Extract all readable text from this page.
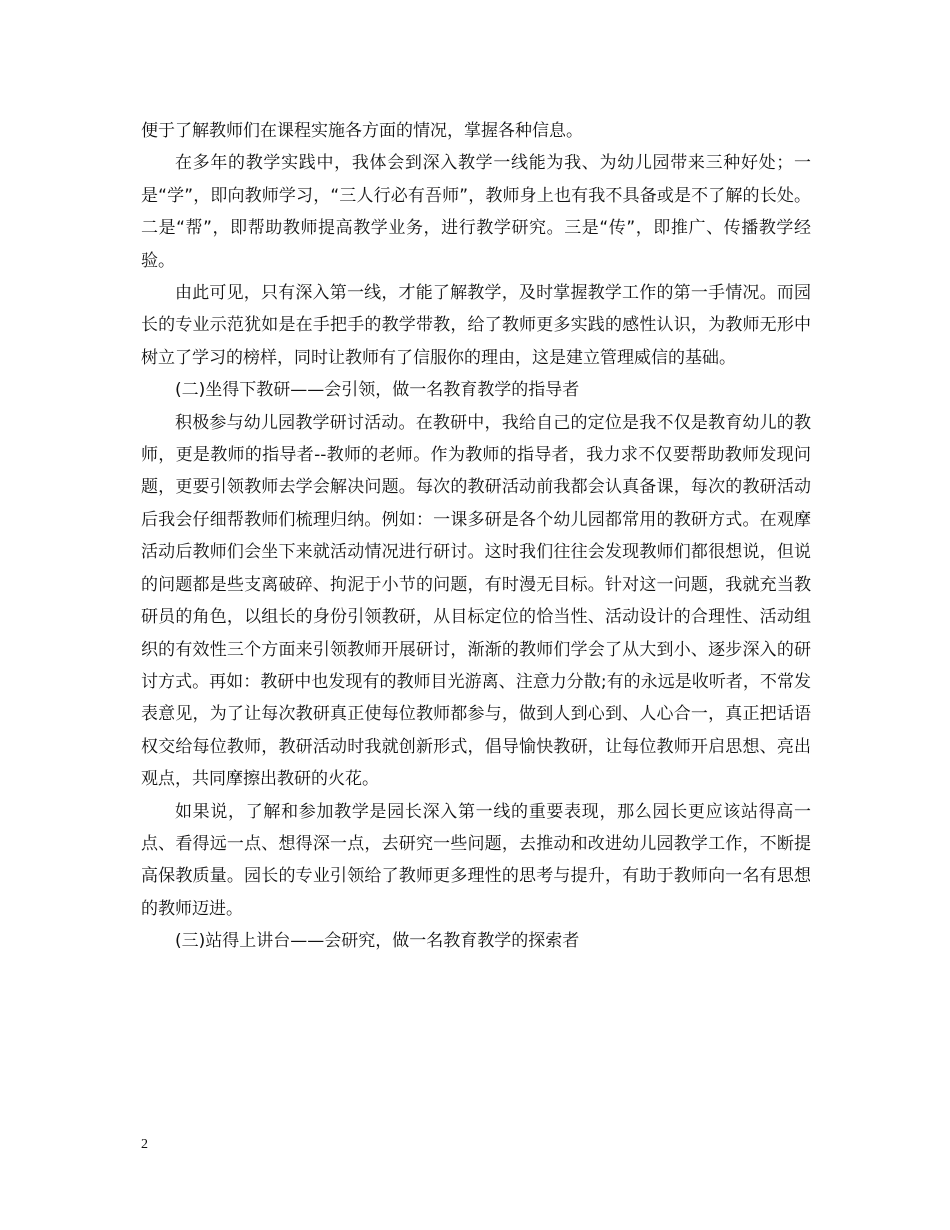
便于了解教师们在课程实施各方面的情况，掌握各种信息。

在多年的教学实践中，我体会到深入教学一线能为我、为幼儿园带来三种好处；一是“学”，即向教师学习，“三人行必有吾师”，教师身上也有我不具备或是不了解的长处。二是“帮”，即帮助教师提高教学业务，进行教学研究。三是“传”，即推广、传播教学经验。

由此可见，只有深入第一线，才能了解教学，及时掌握教学工作的第一手情况。而园长的专业示范犹如是在手把手的教学带教，给了教师更多实践的感性认识，为教师无形中树立了学习的榜样，同时让教师有了信服你的理由，这是建立管理威信的基础。

(二)坐得下教研——会引领，做一名教育教学的指导者

积极参与幼儿园教学研讨活动。在教研中，我给自己的定位是我不仅是教育幼儿的教师，更是教师的指导者--教师的老师。作为教师的指导者，我力求不仅要帮助教师发现问题，更要引领教师去学会解决问题。每次的教研活动前我都会认真备课，每次的教研活动后我会仔细帮教师们梳理归纳。例如：一课多研是各个幼儿园都常用的教研方式。在观摩活动后教师们会坐下来就活动情况进行研讨。这时我们往往会发现教师们都很想说，但说的问题都是些支离破碎、拘泥于小节的问题，有时漫无目标。针对这一问题，我就充当教研员的角色，以组长的身份引领教研，从目标定位的恰当性、活动设计的合理性、活动组织的有效性三个方面来引领教师开展研讨，渐渐的教师们学会了从大到小、逐步深入的研讨方式。再如：教研中也发现有的教师目光游离、注意力分散;有的永远是收听者，不常发表意见，为了让每次教研真正使每位教师都参与，做到人到心到、人心合一，真正把话语权交给每位教师，教研活动时我就创新形式，倡导愉快教研，让每位教师开启思想、亮出观点，共同摩擦出教研的火花。

如果说，了解和参加教学是园长深入第一线的重要表现，那么园长更应该站得高一点、看得远一点、想得深一点，去研究一些问题，去推动和改进幼儿园教学工作，不断提高保教质量。园长的专业引领给了教师更多理性的思考与提升，有助于教师向一名有思想的教师迈进。

(三)站得上讲台——会研究，做一名教育教学的探索者

2
